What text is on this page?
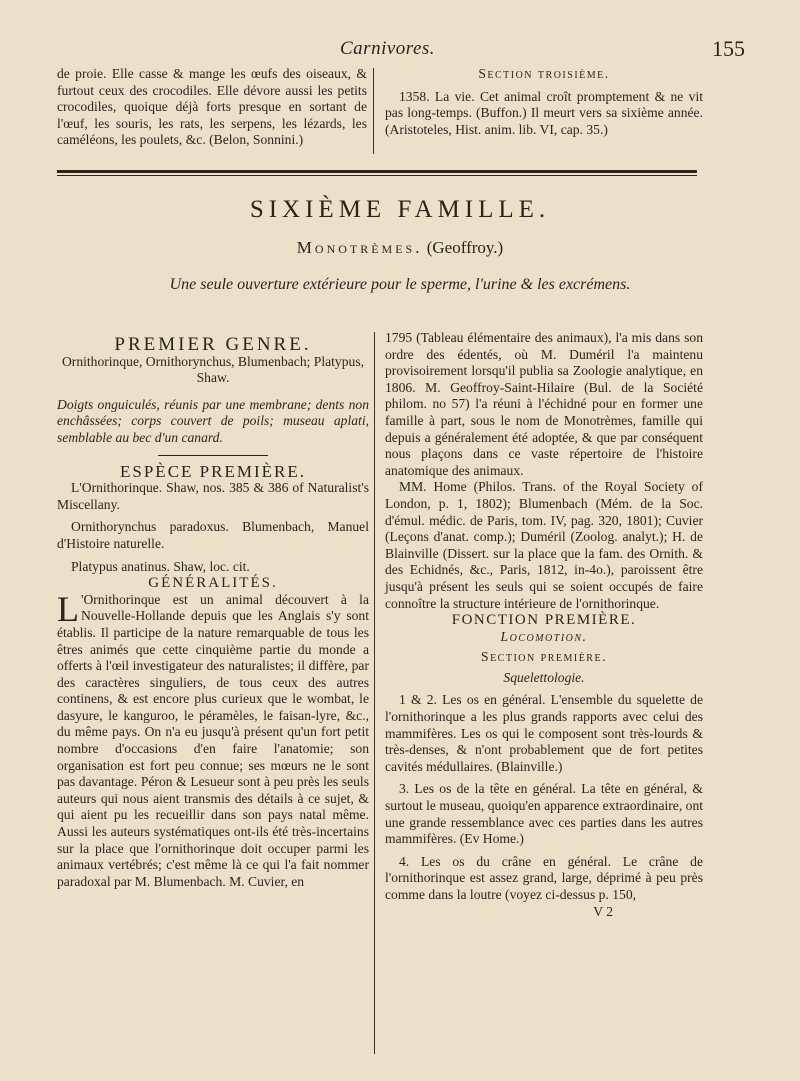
Carnivores.	155

de proie. Elle casse & mange les œufs des oiseaux, & furtout ceux des crocodiles. Elle dévore aussi les petits crocodiles, quoique déjà forts presque en sortant de l'œuf, les souris, les rats, les serpens, les lézards, les caméléons, les poulets, &c. (Belon, Sonnini.)

Section troisième.

1358. La vie. Cet animal croît promptement & ne vit pas long-temps. (Buffon.) Il meurt vers sa sixième année. (Aristoteles, Hist. anim. lib. VI, cap. 35.)

SIXIÈME FAMILLE.
Monotrèmes. (Geoffroy.)
Une seule ouverture extérieure pour le sperme, l'urine & les excrémens.

PREMIER GENRE.

Ornithorinque, Ornithorynchus, Blumenbach; Platypus, Shaw.

Doigts onguiculés, réunis par une membrane; dents non enchâssées; corps couvert de poils; museau aplati, semblable au bec d'un canard.

ESPÈCE PREMIÈRE.

L'Ornithorinque. Shaw, nos. 385 & 386 of Naturalist's Miscellany.

Ornithorynchus paradoxus. Blumenbach, Manuel d'Histoire naturelle.

Platypus anatinus. Shaw, loc. cit.

GÉNÉRALITÉS.

L 'Ornithorinque est un animal découvert à la Nouvelle-Hollande depuis que les Anglais s'y sont établis. Il participe de la nature remarquable de tous les êtres animés que cette cinquième partie du monde a offerts à l'œil investigateur des naturalistes; il diffère, par des caractères singuliers, de tous ceux des autres continens, & est encore plus curieux que le wombat, le dasyure, le kanguroo, le péramèles, le faisan-lyre, &c., du même pays. On n'a eu jusqu'à présent qu'un fort petit nombre d'occasions d'en faire l'anatomie; son organisation est fort peu connue; ses mœurs ne le sont pas davantage. Péron & Lesueur sont à peu près les seuls auteurs qui nous aient transmis des détails à ce sujet, & qui aient pu les recueillir dans son pays natal même. Aussi les auteurs systématiques ont-ils été très-incertains sur la place que l'ornithorinque doit occuper parmi les animaux vertébrés; c'est même là ce qui l'a fait nommer paradoxal par M. Blumenbach. M. Cuvier, en

1795 (Tableau élémentaire des animaux), l'a mis dans son ordre des édentés, où M. Duméril l'a maintenu provisoirement lorsqu'il publia sa Zoologie analytique, en 1806. M. Geoffroy-Saint-Hilaire (Bul. de la Société philom. no 57) l'a réuni à l'échidné pour en former une famille à part, sous le nom de Monotrèmes, famille qui depuis a généralement été adoptée, & que par conséquent nous plaçons dans ce vaste répertoire de l'histoire anatomique des animaux.

MM. Home (Philos. Trans. of the Royal Society of London, p. 1, 1802); Blumenbach (Mém. de la Soc. d'émul. médic. de Paris, tom. IV, pag. 320, 1801); Cuvier (Leçons d'anat. comp.); Duméril (Zoolog. analyt.); H. de Blainville (Dissert. sur la place que la fam. des Ornith. & des Echidnés, &c., Paris, 1812, in-4o.), paroissent être jusqu'à présent les seuls qui se soient occupés de faire connoître la structure intérieure de l'ornithorinque.

FONCTION PREMIÈRE.

Locomotion.

Section première.

Squelettologie.

1 & 2. Les os en général. L'ensemble du squelette de l'ornithorinque a les plus grands rapports avec celui des mammifères. Les os qui le composent sont très-lourds & très-denses, & n'ont probablement que de fort petites cavités médullaires. (Blainville.)

3. Les os de la tête en général. La tête en général, & surtout le museau, quoiqu'en apparence extraordinaire, ont une grande ressemblance avec ces parties dans les autres mammifères. (Ev Home.)

4. Les os du crâne en général. Le crâne de l'ornithorinque est assez grand, large, déprimé à peu près comme dans la loutre (voyez ci-dessus p. 150,

V 2
